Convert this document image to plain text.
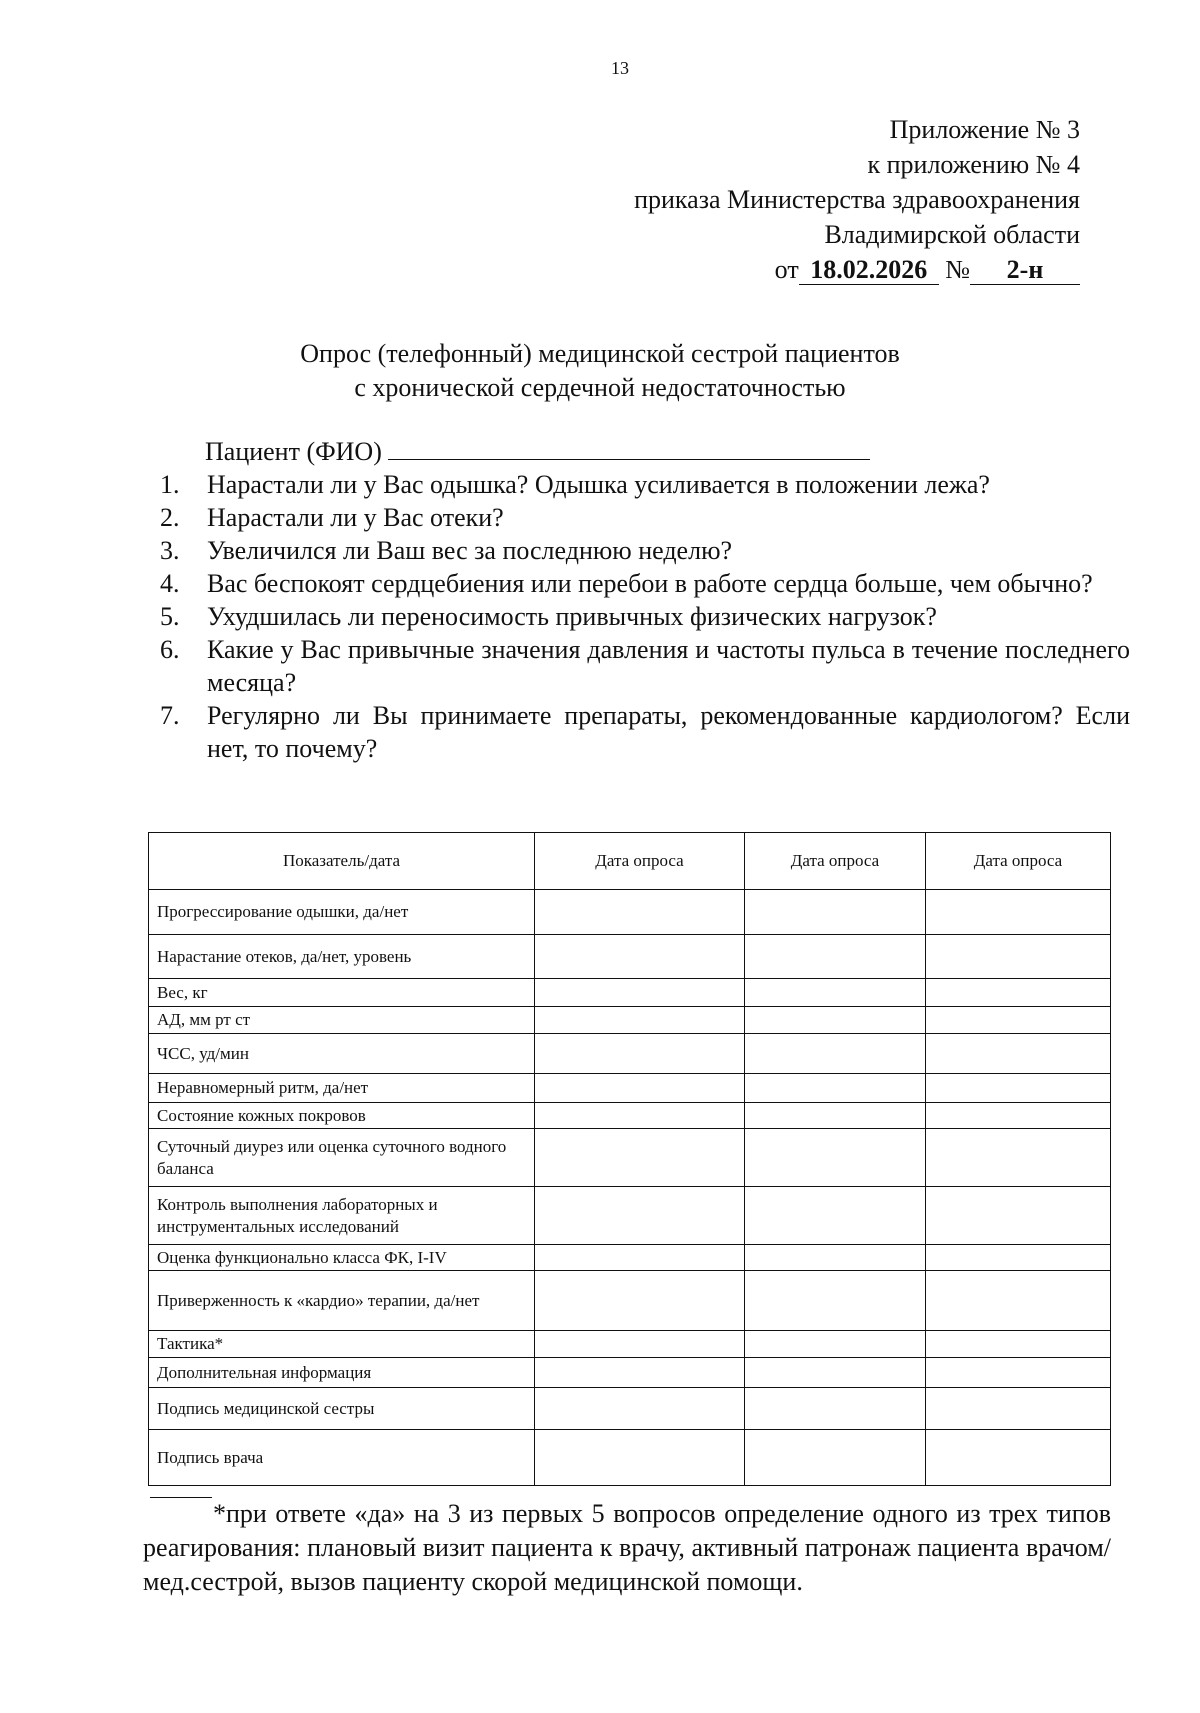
13
Приложение № 3
к приложению № 4
приказа Министерства здравоохранения
Владимирской области
от 18.02.2026 № 2-н
Опрос (телефонный) медицинской сестрой пациентов
с хронической сердечной недостаточностью
Пациент (ФИО)
1. Нарастали ли у Вас одышка? Одышка усиливается в положении лежа?
2. Нарастали ли у Вас отеки?
3. Увеличился ли Ваш вес за последнюю неделю?
4. Вас беспокоят сердцебиения или перебои в работе сердца больше, чем обычно?
5. Ухудшилась ли переносимость привычных физических нагрузок?
6. Какие у Вас привычные значения давления и частоты пульса в течение последнего месяца?
7. Регулярно ли Вы принимаете препараты, рекомендованные кардиологом? Если нет, то почему?
Показатель/дата	Дата опроса	Дата опроса	Дата опроса
Прогрессирование одышки, да/нет			
Нарастание отеков, да/нет, уровень			
Вес, кг			
АД, мм рт ст			
ЧСС, уд/мин			
Неравномерный ритм, да/нет			
Состояние кожных покровов			
Суточный диурез или оценка суточного водного баланса			
Контроль выполнения лабораторных и инструментальных исследований			
Оценка функционально класса ФК, I-IV			
Приверженность к «кардио» терапии, да/нет			
Тактика*			
Дополнительная информация			
Подпись медицинской сестры			
Подпись врача			
*при ответе «да» на 3 из первых 5 вопросов определение одного из трех типов реагирования: плановый визит пациента к врачу, активный патронаж пациента врачом/мед.сестрой, вызов пациенту скорой медицинской помощи.
